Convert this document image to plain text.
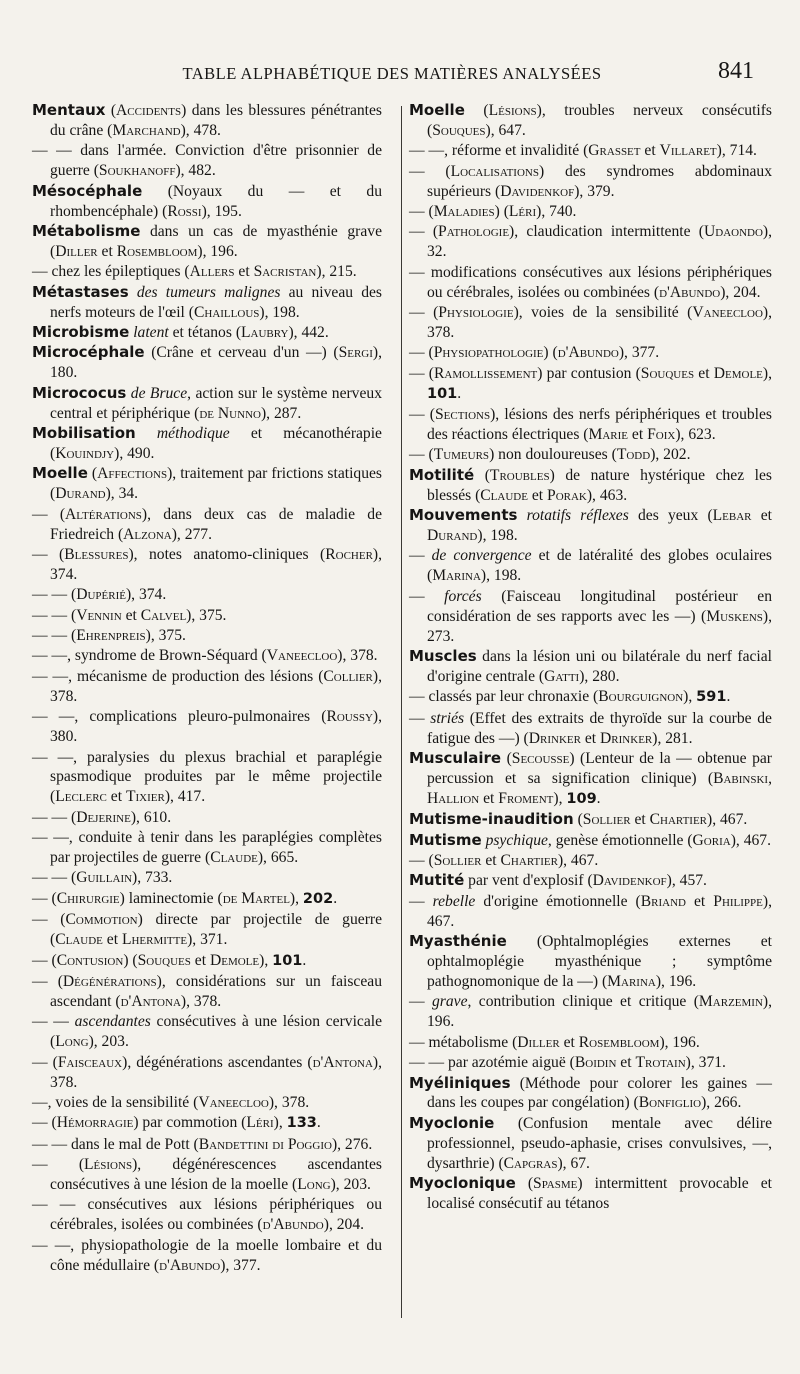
TABLE ALPHABÉTIQUE DES MATIÈRES ANALYSÉES	841

Mentaux (Accidents) dans les blessures pénétrantes du crâne (Marchand), 478.

— — dans l'armée. Conviction d'être prisonnier de guerre (Soukhanoff), 482.

Mésocéphale (Noyaux du — et du rhombencéphale) (Rossi), 195.

Métabolisme dans un cas de myasthénie grave (Diller et Rosembloom), 196.

— chez les épileptiques (Allers et Sacristan), 215.

Métastases des tumeurs malignes au niveau des nerfs moteurs de l'œil (Chaillous), 198.

Microbisme latent et tétanos (Laubry), 442.

Microcéphale (Crâne et cerveau d'un —) (Sergi), 180.

Micrococus de Bruce, action sur le système nerveux central et périphérique (de Nunno), 287.

Mobilisation méthodique et mécanothérapie (Kouindjy), 490.

Moelle (Affections), traitement par frictions statiques (Durand), 34.

— (Altérations), dans deux cas de maladie de Friedreich (Alzona), 277.

— (Blessures), notes anatomo-cliniques (Rocher), 374.

— — (Dupérié), 374.

— — (Vennin et Calvel), 375.

— — (Ehrenpreis), 375.

— —, syndrome de Brown-Séquard (Vaneecloo), 378.

— —, mécanisme de production des lésions (Collier), 378.

— —, complications pleuro-pulmonaires (Roussy), 380.

— —, paralysies du plexus brachial et paraplégie spasmodique produites par le même projectile (Leclerc et Tixier), 417.

— — (Dejerine), 610.

— —, conduite à tenir dans les paraplégies complètes par projectiles de guerre (Claude), 665.

— — (Guillain), 733.

— (Chirurgie) laminectomie (de Martel), 202.

— (Commotion) directe par projectile de guerre (Claude et Lhermitte), 371.

— (Contusion) (Souques et Demole), 101.

— (Dégénérations), considérations sur un faisceau ascendant (d'Antona), 378.

— — ascendantes consécutives à une lésion cervicale (Long), 203.

— (Faisceaux), dégénérations ascendantes (d'Antona), 378.

—, voies de la sensibilité (Vaneecloo), 378.

— (Hémorragie) par commotion (Léri), 133.

— — dans le mal de Pott (Bandettini di Poggio), 276.

— (Lésions), dégénérescences ascendantes consécutives à une lésion de la moelle (Long), 203.

— — consécutives aux lésions périphériques ou cérébrales, isolées ou combinées (d'Abundo), 204.

— —, physiopathologie de la moelle lombaire et du cône médullaire (d'Abundo), 377.

Moelle (Lésions), troubles nerveux consécutifs (Souques), 647.

— —, réforme et invalidité (Grasset et Villaret), 714.

— (Localisations) des syndromes abdominaux supérieurs (Davidenkof), 379.

— (Maladies) (Léri), 740.

— (Pathologie), claudication intermittente (Udaondo), 32.

— modifications consécutives aux lésions périphériques ou cérébrales, isolées ou combinées (d'Abundo), 204.

— (Physiologie), voies de la sensibilité (Vaneecloo), 378.

— (Physiopathologie) (d'Abundo), 377.

— (Ramollissement) par contusion (Souques et Demole), 101.

— (Sections), lésions des nerfs périphériques et troubles des réactions électriques (Marie et Foix), 623.

— (Tumeurs) non douloureuses (Todd), 202.

Motilité (Troubles) de nature hystérique chez les blessés (Claude et Porak), 463.

Mouvements rotatifs réflexes des yeux (Lebar et Durand), 198.

— de convergence et de latéralité des globes oculaires (Marina), 198.

— forcés (Faisceau longitudinal postérieur en considération de ses rapports avec les —) (Muskens), 273.

Muscles dans la lésion uni ou bilatérale du nerf facial d'origine centrale (Gatti), 280.

— classés par leur chronaxie (Bourguignon), 591.

— striés (Effet des extraits de thyroïde sur la courbe de fatigue des —) (Drinker et Drinker), 281.

Musculaire (Secousse) (Lenteur de la — obtenue par percussion et sa signification clinique) (Babinski, Hallion et Froment), 109.

Mutisme-inaudition (Sollier et Chartier), 467.

Mutisme psychique, genèse émotionnelle (Goria), 467.

— (Sollier et Chartier), 467.

Mutité par vent d'explosif (Davidenkof), 457.

— rebelle d'origine émotionnelle (Briand et Philippe), 467.

Myasthénie (Ophtalmoplégies externes et ophtalmoplégie myasthénique ; symptôme pathognomonique de la —) (Marina), 196.

— grave, contribution clinique et critique (Marzemin), 196.

— métabolisme (Diller et Rosembloom), 196.

— — par azotémie aiguë (Boidin et Trotain), 371.

Myéliniques (Méthode pour colorer les gaines — dans les coupes par congélation) (Bonfiglio), 266.

Myoclonie (Confusion mentale avec délire professionnel, pseudo-aphasie, crises convulsives, —, dysarthrie) (Capgras), 67.

Myoclonique (Spasme) intermittent provocable et localisé consécutif au tétanos
